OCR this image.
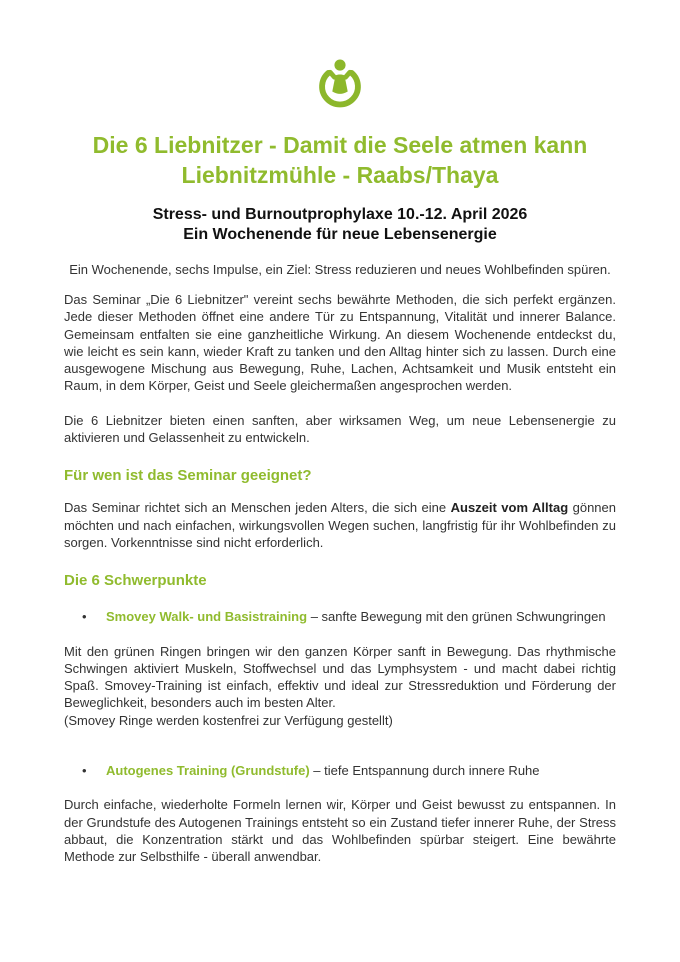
Die 6 Liebnitzer - Damit die Seele atmen kann
Liebnitzmühle - Raabs/Thaya
Stress- und Burnoutprophylaxe 10.-12. April 2026
Ein Wochenende für neue Lebensenergie

Ein Wochenende, sechs Impulse, ein Ziel: Stress reduzieren und neues Wohlbefinden spüren.

Das Seminar „Die 6 Liebnitzer" vereint sechs bewährte Methoden, die sich perfekt ergänzen. Jede dieser Methoden öffnet eine andere Tür zu Entspannung, Vitalität und innerer Balance. Gemeinsam entfalten sie eine ganzheitliche Wirkung. An diesem Wochenende entdeckst du, wie leicht es sein kann, wieder Kraft zu tanken und den Alltag hinter sich zu lassen. Durch eine ausgewogene Mischung aus Bewegung, Ruhe, Lachen, Achtsamkeit und Musik entsteht ein Raum, in dem Körper, Geist und Seele gleichermaßen angesprochen werden.

Die 6 Liebnitzer bieten einen sanften, aber wirksamen Weg, um neue Lebensenergie zu aktivieren und Gelassenheit zu entwickeln.

Für wen ist das Seminar geeignet?

Das Seminar richtet sich an Menschen jeden Alters, die sich eine Auszeit vom Alltag gönnen möchten und nach einfachen, wirkungsvollen Wegen suchen, langfristig für ihr Wohlbefinden zu sorgen. Vorkenntnisse sind nicht erforderlich.

Die 6 Schwerpunkte
• Smovey Walk- und Basistraining – sanfte Bewegung mit den grünen Schwungringen

Mit den grünen Ringen bringen wir den ganzen Körper sanft in Bewegung. Das rhythmische Schwingen aktiviert Muskeln, Stoffwechsel und das Lymphsystem - und macht dabei richtig Spaß. Smovey-Training ist einfach, effektiv und ideal zur Stressreduktion und Förderung der Beweglichkeit, besonders auch im besten Alter.

(Smovey Ringe werden kostenfrei zur Verfügung gestellt)

• Autogenes Training (Grundstufe) – tiefe Entspannung durch innere Ruhe

Durch einfache, wiederholte Formeln lernen wir, Körper und Geist bewusst zu entspannen. In der Grundstufe des Autogenen Trainings entsteht so ein Zustand tiefer innerer Ruhe, der Stress abbaut, die Konzentration stärkt und das Wohlbefinden spürbar steigert. Eine bewährte Methode zur Selbsthilfe - überall anwendbar.
